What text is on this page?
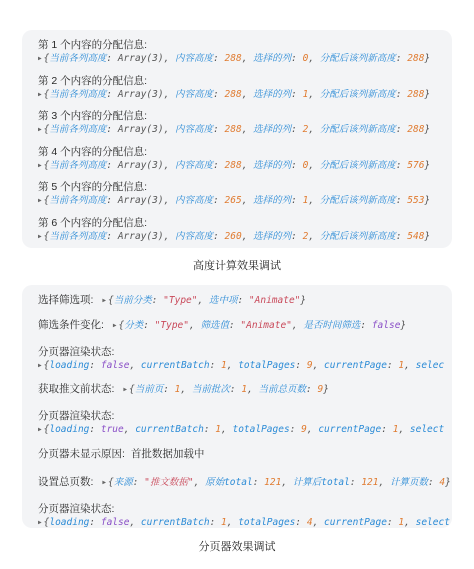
第 1 个内容的分配信息:
▶ {当前各列高度: Array(3), 内容高度: 288, 选择的列: 0, 分配后该列新高度: 288}
第 2 个内容的分配信息:
▶ {当前各列高度: Array(3), 内容高度: 288, 选择的列: 1, 分配后该列新高度: 288}
第 3 个内容的分配信息:
▶ {当前各列高度: Array(3), 内容高度: 288, 选择的列: 2, 分配后该列新高度: 288}
第 4 个内容的分配信息:
▶ {当前各列高度: Array(3), 内容高度: 288, 选择的列: 0, 分配后该列新高度: 576}
第 5 个内容的分配信息:
▶ {当前各列高度: Array(3), 内容高度: 265, 选择的列: 1, 分配后该列新高度: 553}
第 6 个内容的分配信息:
▶ {当前各列高度: Array(3), 内容高度: 260, 选择的列: 2, 分配后该列新高度: 548}
高度计算效果调试
选择筛选项: ▶ {当前分类: "Type", 选中项: "Animate"}
筛选条件变化: ▶ {分类: "Type", 筛选值: "Animate", 是否时间筛选: false}
分页器渲染状态:
▶ {loading: false, currentBatch: 1, totalPages: 9, currentPage: 1, selec
获取推文前状态: ▶ {当前页: 1, 当前批次: 1, 当前总页数: 9}
分页器渲染状态:
▶ {loading: true, currentBatch: 1, totalPages: 9, currentPage: 1, select
分页器未显示原因: 首批数据加载中
设置总页数: ▶ {来源: "推文数据", 原始total: 121, 计算后total: 121, 计算页数: 4}
分页器渲染状态:
▶ {loading: false, currentBatch: 1, totalPages: 4, currentPage: 1, select
分页器效果调试
